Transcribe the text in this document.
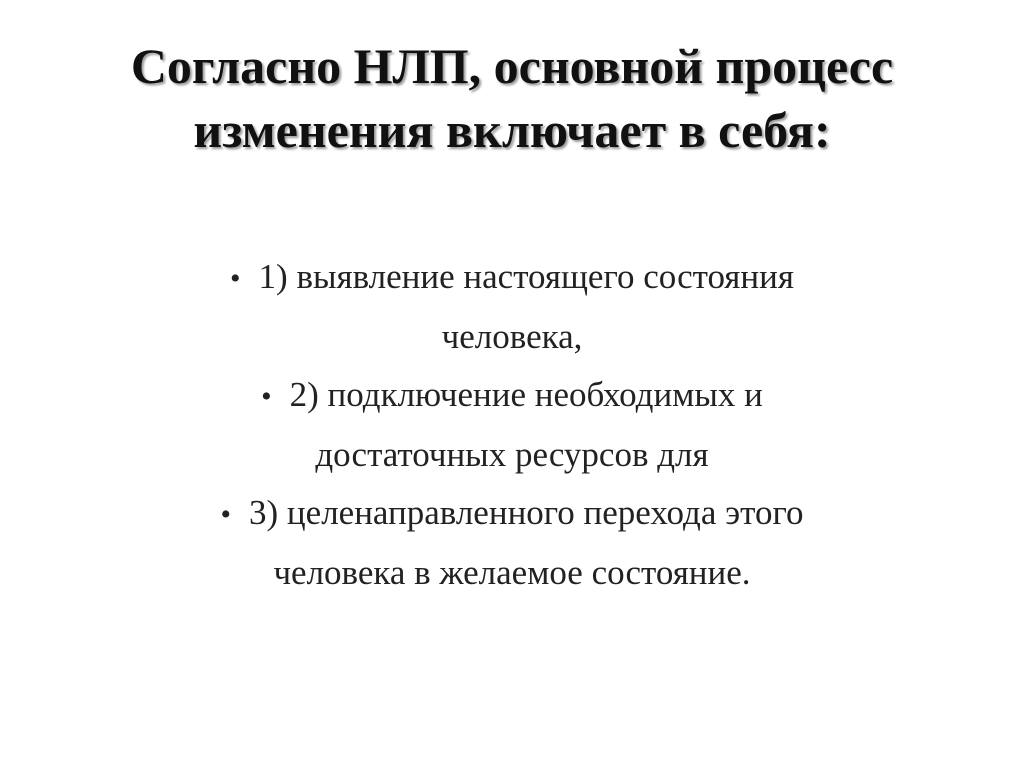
Согласно НЛП, основной процесс
изменения включает в себя:
• 1) выявление настоящего состояния
человека,
• 2) подключение необходимых и
достаточных ресурсов для
• 3) целенаправленного перехода этого
человека в желаемое состояние.
